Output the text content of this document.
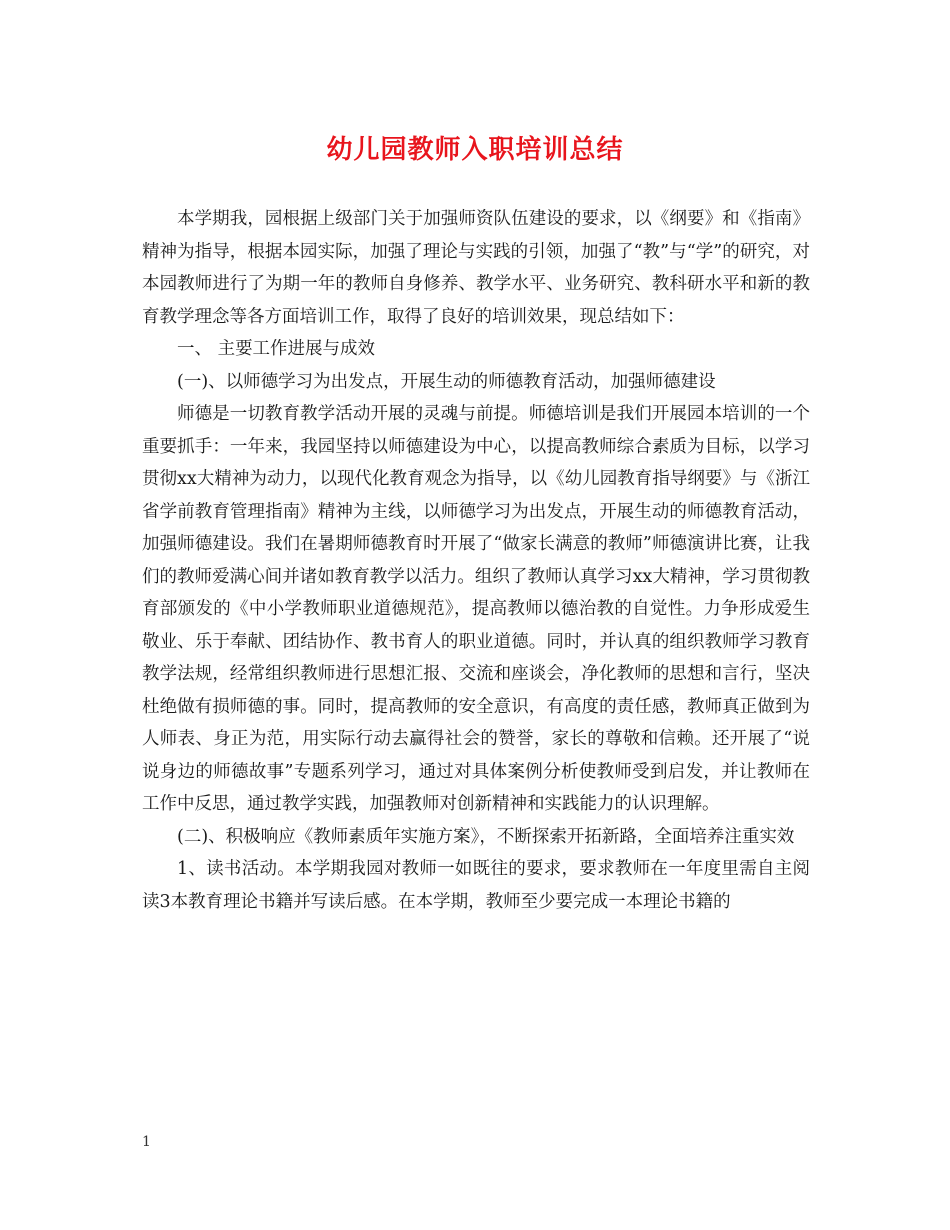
幼儿园教师入职培训总结

本学期我，园根据上级部门关于加强师资队伍建设的要求，以《纲要》和《指南》精神为指导，根据本园实际，加强了理论与实践的引领，加强了“教”与“学”的研究，对本园教师进行了为期一年的教师自身修养、教学水平、业务研究、教科研水平和新的教育教学理念等各方面培训工作，取得了良好的培训效果，现总结如下：

一、 主要工作进展与成效

(一)、以师德学习为出发点，开展生动的师德教育活动，加强师德建设

师德是一切教育教学活动开展的灵魂与前提。师德培训是我们开展园本培训的一个重要抓手：一年来，我园坚持以师德建设为中心，以提高教师综合素质为目标，以学习贯彻xx大精神为动力，以现代化教育观念为指导，以《幼儿园教育指导纲要》与《浙江省学前教育管理指南》精神为主线，以师德学习为出发点，开展生动的师德教育活动，加强师德建设。我们在暑期师德教育时开展了“做家长满意的教师”师德演讲比赛，让我们的教师爱满心间并诸如教育教学以活力。组织了教师认真学习xx大精神，学习贯彻教育部颁发的《中小学教师职业道德规范》，提高教师以德治教的自觉性。力争形成爱生敬业、乐于奉献、团结协作、教书育人的职业道德。同时，并认真的组织教师学习教育教学法规，经常组织教师进行思想汇报、交流和座谈会，净化教师的思想和言行，坚决杜绝做有损师德的事。同时，提高教师的安全意识，有高度的责任感，教师真正做到为人师表、身正为范，用实际行动去赢得社会的赞誉，家长的尊敬和信赖。还开展了“说说身边的师德故事”专题系列学习，通过对具体案例分析使教师受到启发，并让教师在工作中反思，通过教学实践，加强教师对创新精神和实践能力的认识理解。

(二)、积极响应《教师素质年实施方案》，不断探索开拓新路，全面培养注重实效

1、读书活动。本学期我园对教师一如既往的要求，要求教师在一年度里需自主阅读3本教育理论书籍并写读后感。在本学期，教师至少要完成一本理论书籍的

1
